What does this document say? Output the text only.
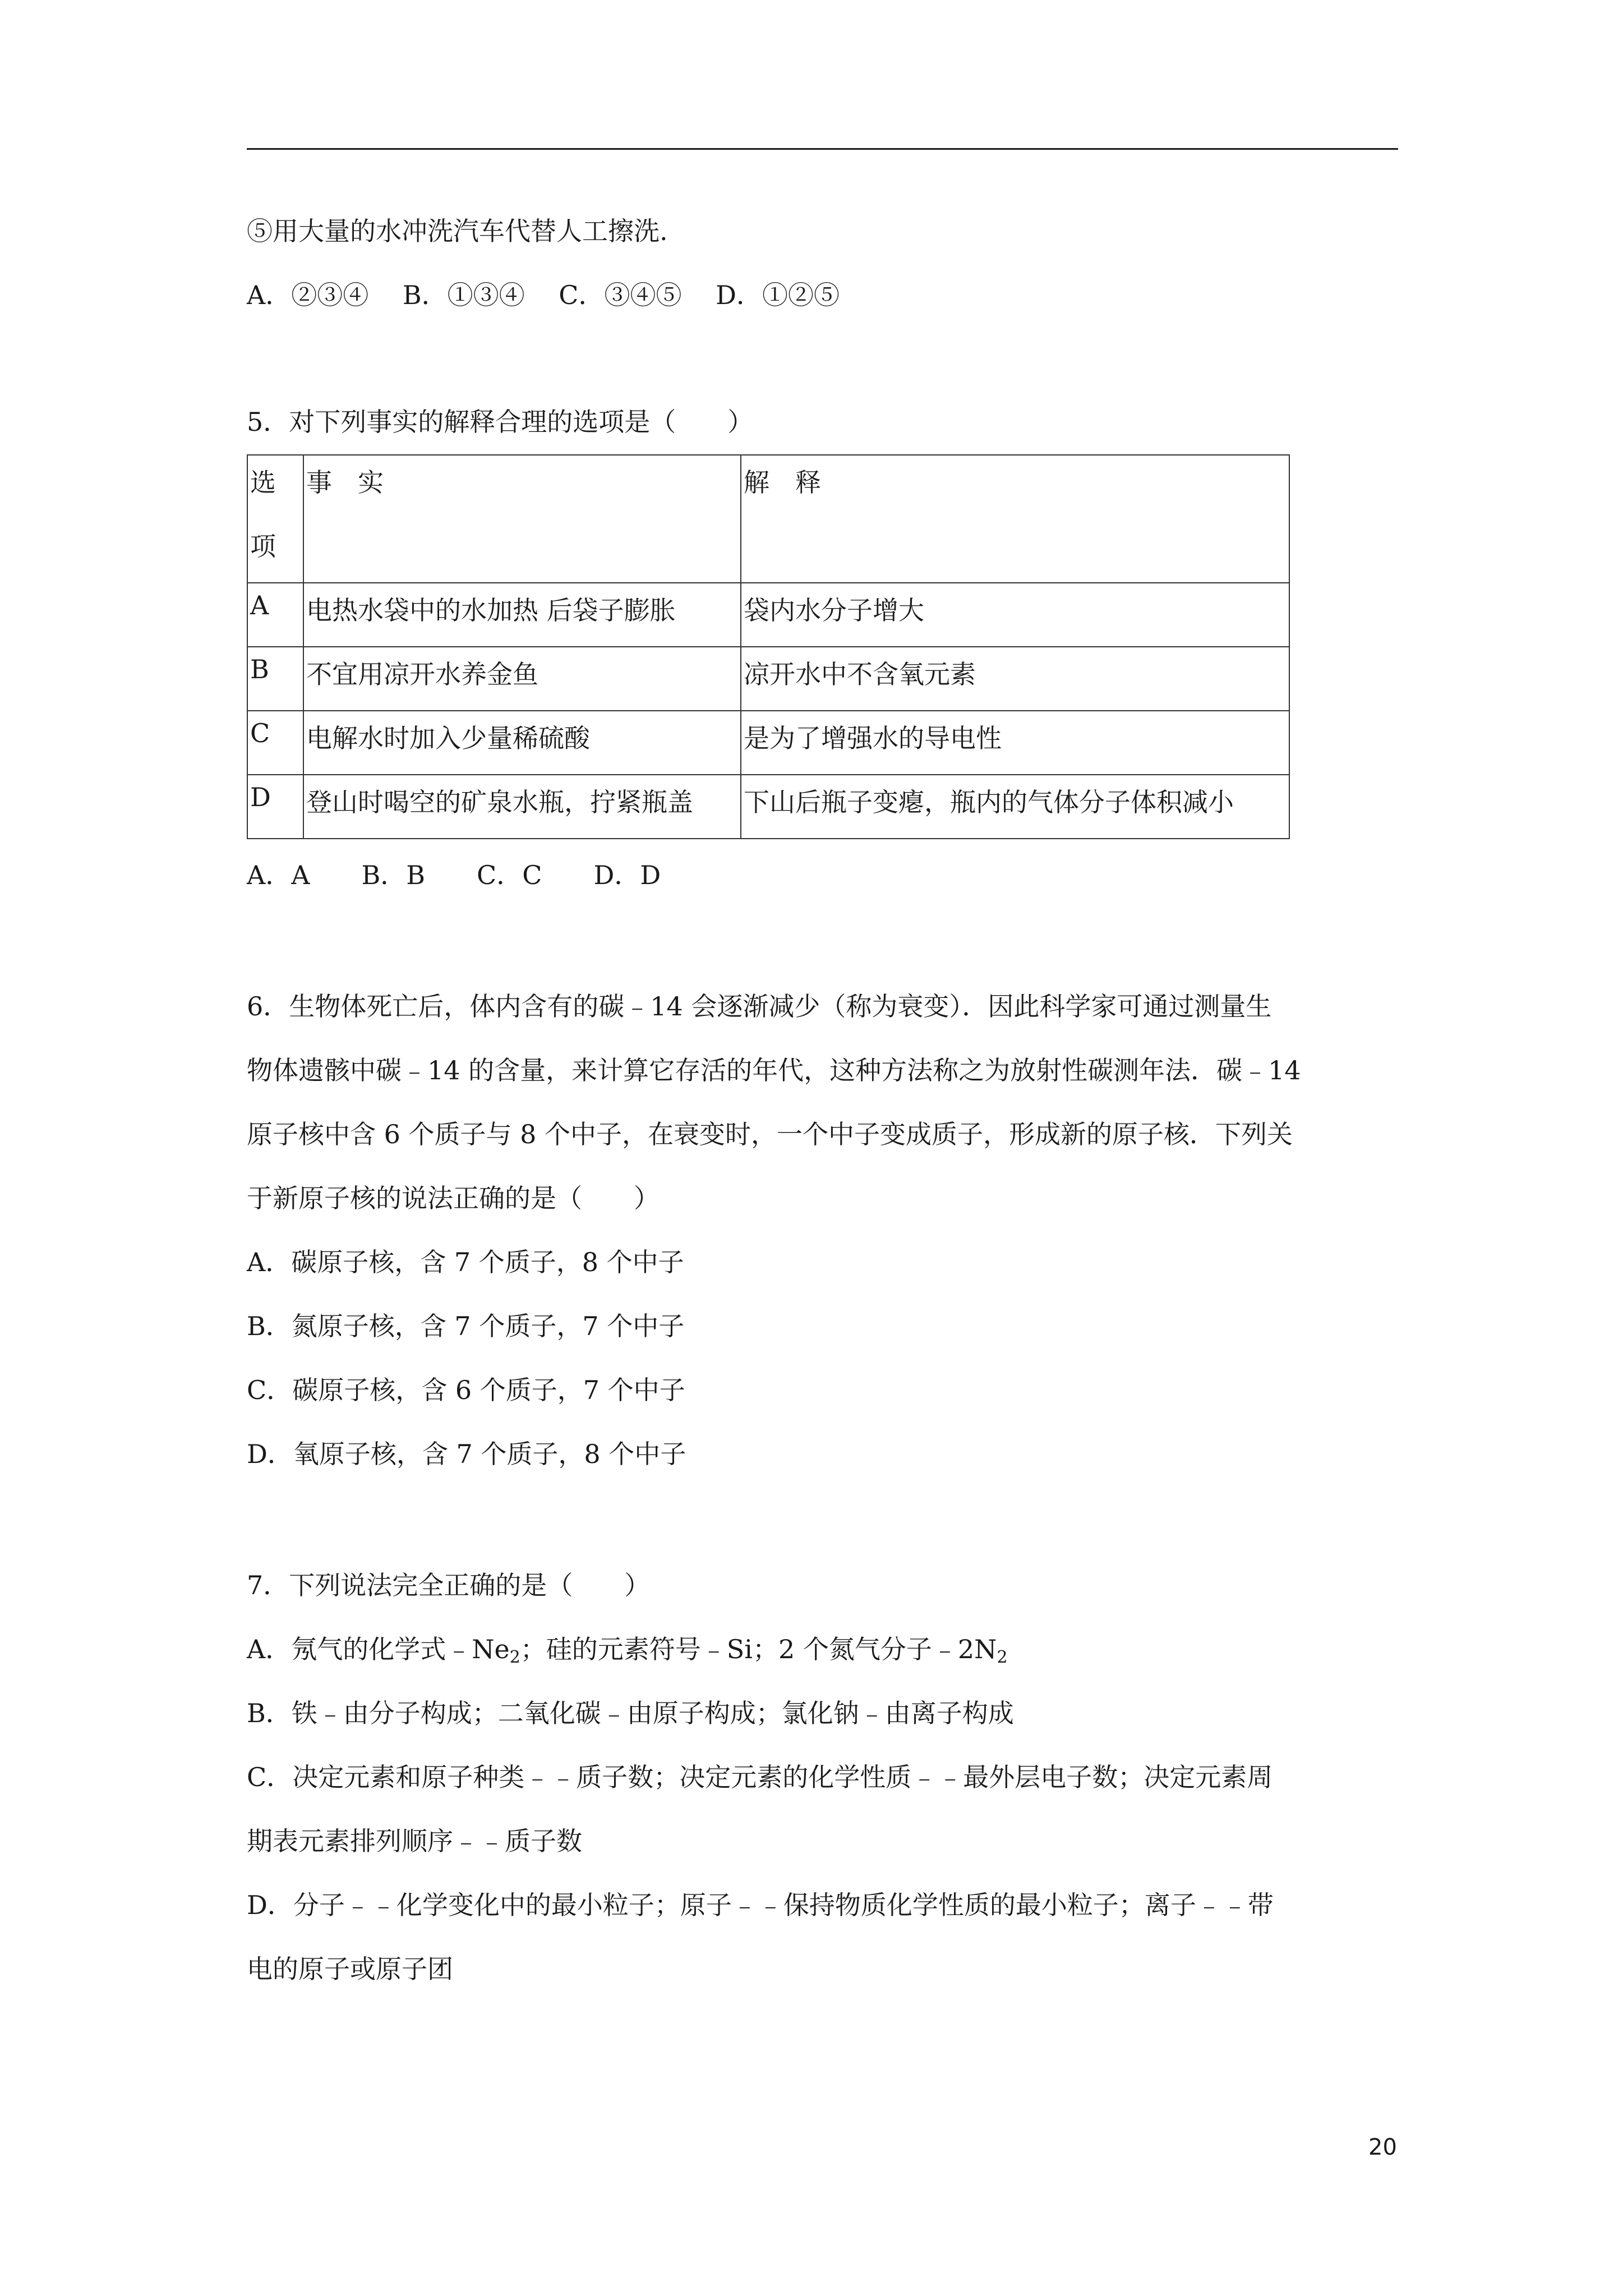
⑤用大量的水冲洗汽车代替人工擦洗.
A．②③④　 B．①③④　 C．③④⑤　 D．①②⑤
5．对下列事实的解释合理的选项是（　　）
选
项	事　实	解　释
A	电热水袋中的水加热 后袋子膨胀	袋内水分子增大
B	不宜用凉开水养金鱼	凉开水中不含氧元素
C	电解水时加入少量稀硫酸	是为了增强水的导电性
D	登山时喝空的矿泉水瓶，拧紧瓶盖	下山后瓶子变瘪，瓶内的气体分子体积减小
A．A　　B．B　　C．C　　D．D
6．生物体死亡后，体内含有的碳﹣14 会逐渐减少（称为衰变）．因此科学家可通过测量生
物体遗骸中碳﹣14 的含量，来计算它存活的年代，这种方法称之为放射性碳测年法．碳﹣14
原子核中含 6 个质子与 8 个中子，在衰变时，一个中子变成质子，形成新的原子核．下列关
于新原子核的说法正确的是（　　）
A．碳原子核，含 7 个质子，8 个中子
B．氮原子核，含 7 个质子，7 个中子
C．碳原子核，含 6 个质子，7 个中子
D．氧原子核，含 7 个质子，8 个中子
7．下列说法完全正确的是（　　）
A．氖气的化学式$﹣Ne_2$；硅的元素符号﹣Si；2 个氮气分子$﹣2N_2$
B．铁﹣由分子构成；二氧化碳﹣由原子构成；氯化钠﹣由离子构成
C．决定元素和原子种类﹣﹣质子数；决定元素的化学性质﹣﹣最外层电子数；决定元素周
期表元素排列顺序﹣﹣质子数
D．分子﹣﹣化学变化中的最小粒子；原子﹣﹣保持物质化学性质的最小粒子；离子﹣﹣带
电的原子或原子团
20
